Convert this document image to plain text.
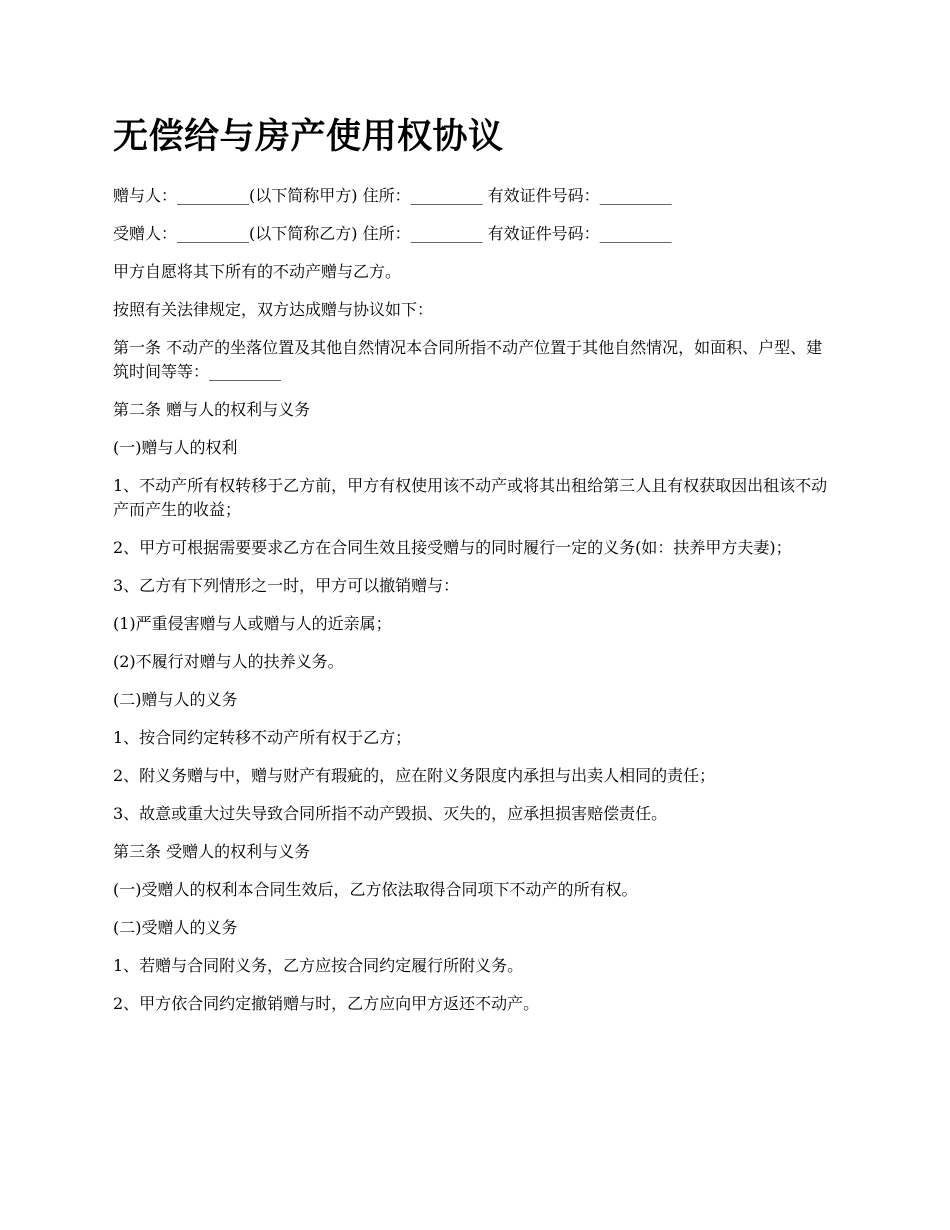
无偿给与房产使用权协议

赠与人：_________(以下简称甲方) 住所：_________ 有效证件号码：_________

受赠人：_________(以下简称乙方) 住所：_________ 有效证件号码：_________

甲方自愿将其下所有的不动产赠与乙方。

按照有关法律规定，双方达成赠与协议如下：

第一条 不动产的坐落位置及其他自然情况本合同所指不动产位置于其他自然情况，如面积、户型、建筑时间等等：_________

第二条 赠与人的权利与义务

(一)赠与人的权利

1、不动产所有权转移于乙方前，甲方有权使用该不动产或将其出租给第三人且有权获取因出租该不动产而产生的收益；

2、甲方可根据需要要求乙方在合同生效且接受赠与的同时履行一定的义务(如：扶养甲方夫妻)；

3、乙方有下列情形之一时，甲方可以撤销赠与：

(1)严重侵害赠与人或赠与人的近亲属；

(2)不履行对赠与人的扶养义务。

(二)赠与人的义务

1、按合同约定转移不动产所有权于乙方；

2、附义务赠与中，赠与财产有瑕疵的，应在附义务限度内承担与出卖人相同的责任；

3、故意或重大过失导致合同所指不动产毁损、灭失的，应承担损害赔偿责任。

第三条 受赠人的权利与义务

(一)受赠人的权利本合同生效后，乙方依法取得合同项下不动产的所有权。

(二)受赠人的义务

1、若赠与合同附义务，乙方应按合同约定履行所附义务。

2、甲方依合同约定撤销赠与时，乙方应向甲方返还不动产。
